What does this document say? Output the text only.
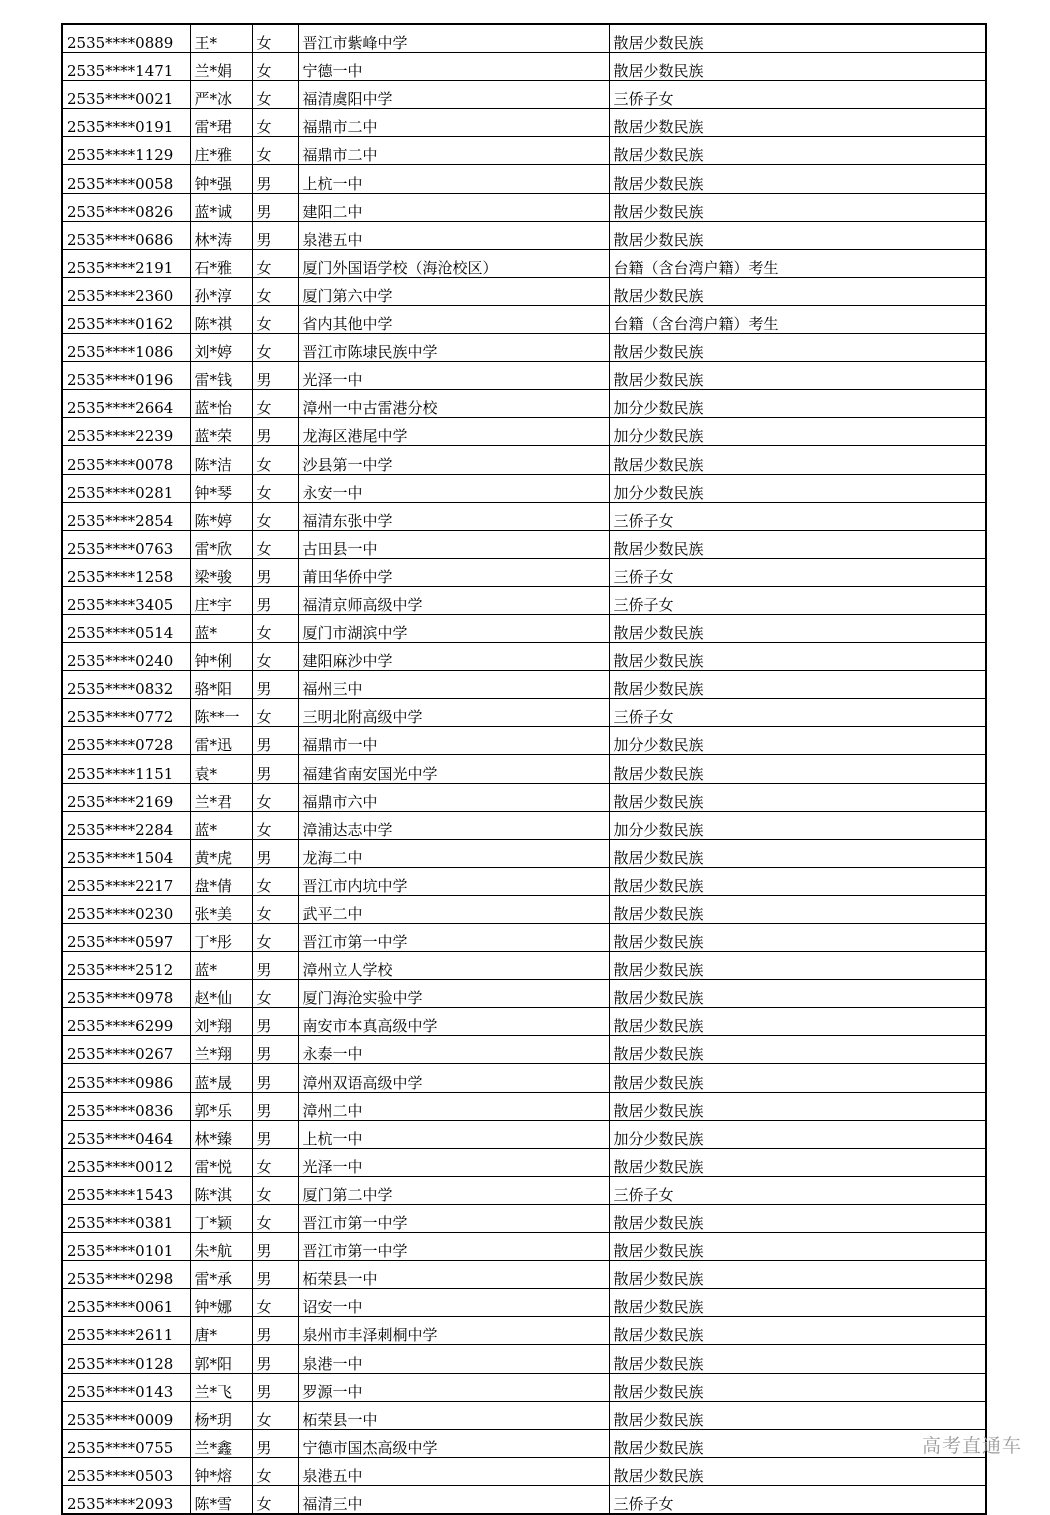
2535****0889	王*	女	晋江市紫峰中学	散居少数民族
2535****1471	兰*娟	女	宁德一中	散居少数民族
2535****0021	严*冰	女	福清虞阳中学	三侨子女
2535****0191	雷*珺	女	福鼎市二中	散居少数民族
2535****1129	庄*雅	女	福鼎市二中	散居少数民族
2535****0058	钟*强	男	上杭一中	散居少数民族
2535****0826	蓝*诚	男	建阳二中	散居少数民族
2535****0686	林*涛	男	泉港五中	散居少数民族
2535****2191	石*雅	女	厦门外国语学校（海沧校区）	台籍（含台湾户籍）考生
2535****2360	孙*淳	女	厦门第六中学	散居少数民族
2535****0162	陈*祺	女	省内其他中学	台籍（含台湾户籍）考生
2535****1086	刘*婷	女	晋江市陈埭民族中学	散居少数民族
2535****0196	雷*钱	男	光泽一中	散居少数民族
2535****2664	蓝*怡	女	漳州一中古雷港分校	加分少数民族
2535****2239	蓝*荣	男	龙海区港尾中学	加分少数民族
2535****0078	陈*洁	女	沙县第一中学	散居少数民族
2535****0281	钟*琴	女	永安一中	加分少数民族
2535****2854	陈*婷	女	福清东张中学	三侨子女
2535****0763	雷*欣	女	古田县一中	散居少数民族
2535****1258	梁*骏	男	莆田华侨中学	三侨子女
2535****3405	庄*宇	男	福清京师高级中学	三侨子女
2535****0514	蓝*	女	厦门市湖滨中学	散居少数民族
2535****0240	钟*俐	女	建阳麻沙中学	散居少数民族
2535****0832	骆*阳	男	福州三中	散居少数民族
2535****0772	陈**一	女	三明北附高级中学	三侨子女
2535****0728	雷*迅	男	福鼎市一中	加分少数民族
2535****1151	袁*	男	福建省南安国光中学	散居少数民族
2535****2169	兰*君	女	福鼎市六中	散居少数民族
2535****2284	蓝*	女	漳浦达志中学	加分少数民族
2535****1504	黄*虎	男	龙海二中	散居少数民族
2535****2217	盘*倩	女	晋江市内坑中学	散居少数民族
2535****0230	张*美	女	武平二中	散居少数民族
2535****0597	丁*彤	女	晋江市第一中学	散居少数民族
2535****2512	蓝*	男	漳州立人学校	散居少数民族
2535****0978	赵*仙	女	厦门海沧实验中学	散居少数民族
2535****6299	刘*翔	男	南安市本真高级中学	散居少数民族
2535****0267	兰*翔	男	永泰一中	散居少数民族
2535****0986	蓝*晟	男	漳州双语高级中学	散居少数民族
2535****0836	郭*乐	男	漳州二中	散居少数民族
2535****0464	林*臻	男	上杭一中	加分少数民族
2535****0012	雷*悦	女	光泽一中	散居少数民族
2535****1543	陈*淇	女	厦门第二中学	三侨子女
2535****0381	丁*颖	女	晋江市第一中学	散居少数民族
2535****0101	朱*航	男	晋江市第一中学	散居少数民族
2535****0298	雷*承	男	柘荣县一中	散居少数民族
2535****0061	钟*娜	女	诏安一中	散居少数民族
2535****2611	唐*	男	泉州市丰泽刺桐中学	散居少数民族
2535****0128	郭*阳	男	泉港一中	散居少数民族
2535****0143	兰*飞	男	罗源一中	散居少数民族
2535****0009	杨*玥	女	柘荣县一中	散居少数民族
2535****0755	兰*鑫	男	宁德市国杰高级中学	散居少数民族
2535****0503	钟*熔	女	泉港五中	散居少数民族
2535****2093	陈*雪	女	福清三中	三侨子女
高考直通车
